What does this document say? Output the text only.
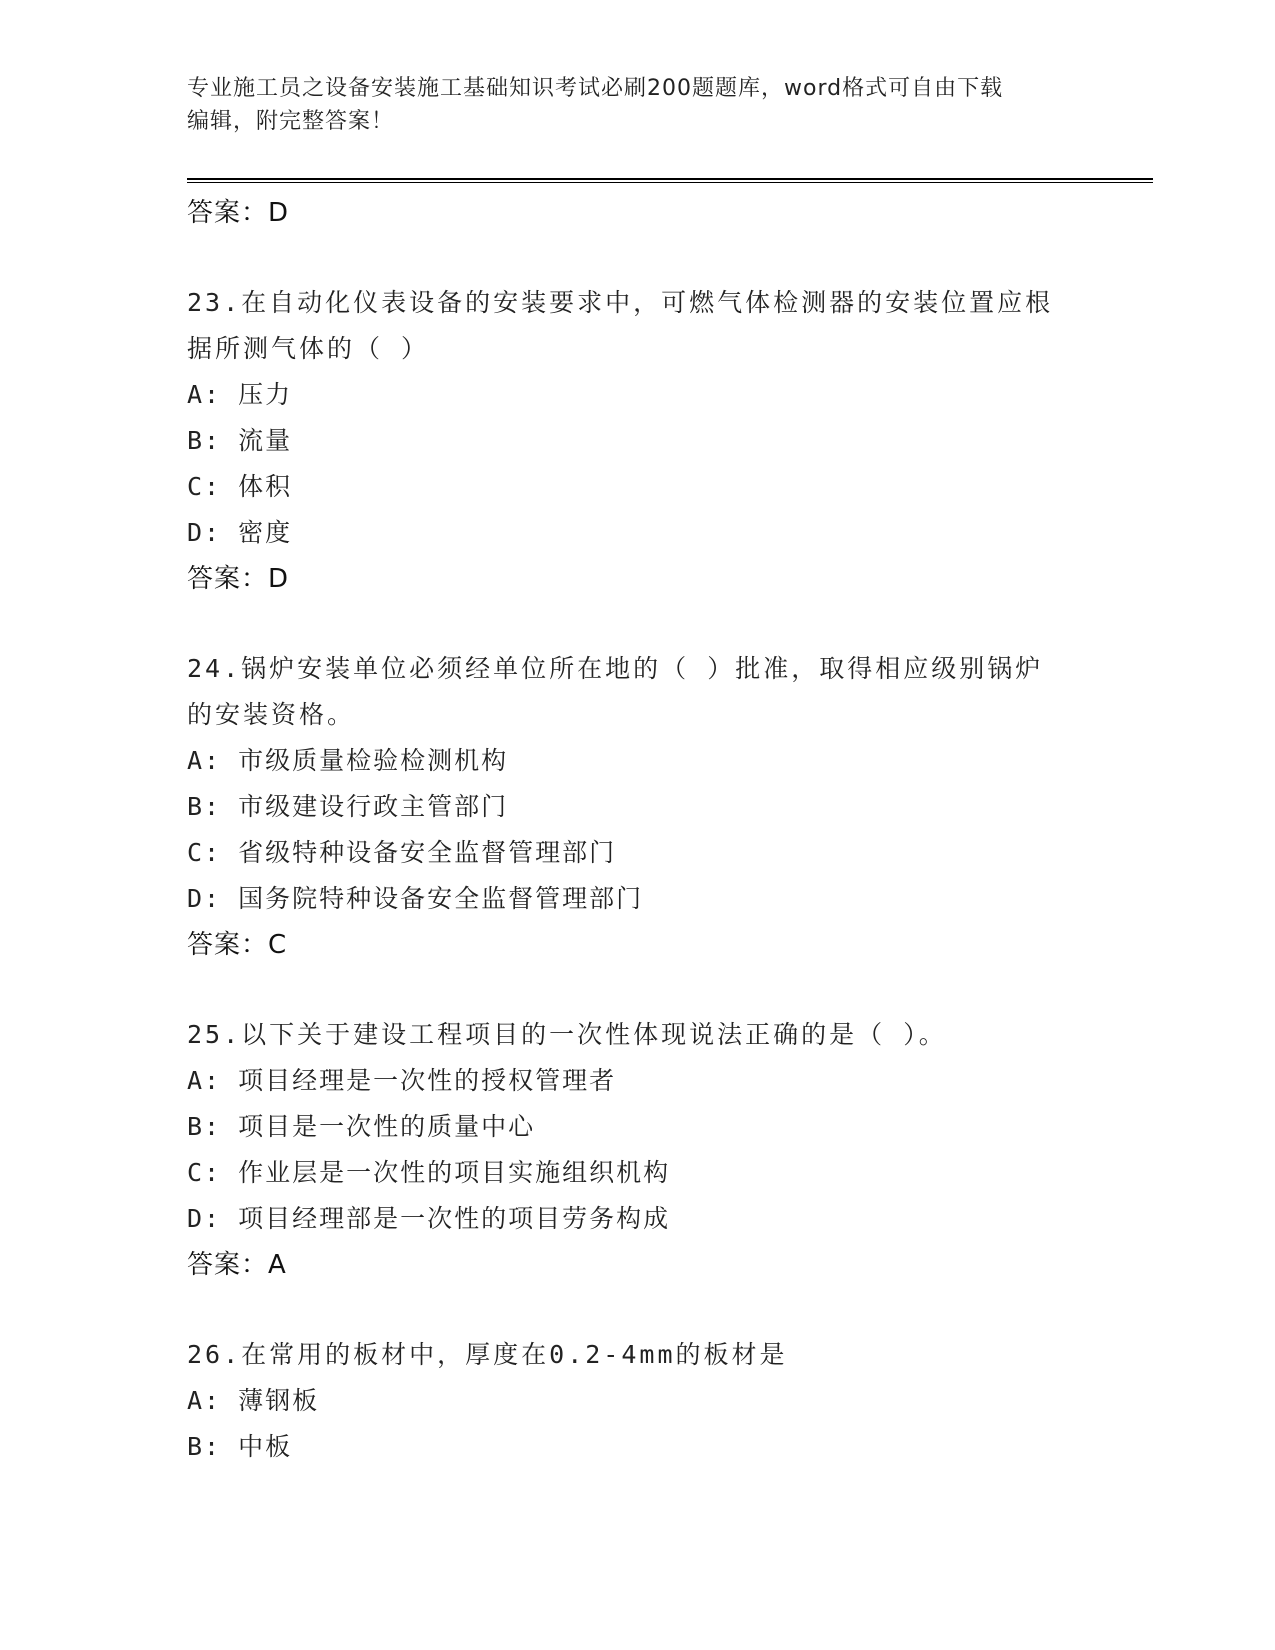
专业施工员之设备安装施工基础知识考试必刷200题题库，word格式可自由下载
编辑，附完整答案！
答案：D
23.在自动化仪表设备的安装要求中，可燃气体检测器的安装位置应根
据所测气体的（ ）
A: 压力
B: 流量
C: 体积
D: 密度
答案：D
24.锅炉安装单位必须经单位所在地的（ ）批准，取得相应级别锅炉
的安装资格。
A: 市级质量检验检测机构
B: 市级建设行政主管部门
C: 省级特种设备安全监督管理部门
D: 国务院特种设备安全监督管理部门
答案：C
25.以下关于建设工程项目的一次性体现说法正确的是（ ）。
A: 项目经理是一次性的授权管理者
B: 项目是一次性的质量中心
C: 作业层是一次性的项目实施组织机构
D: 项目经理部是一次性的项目劳务构成
答案：A
26.在常用的板材中，厚度在0.2-4mm的板材是
A: 薄钢板
B: 中板
